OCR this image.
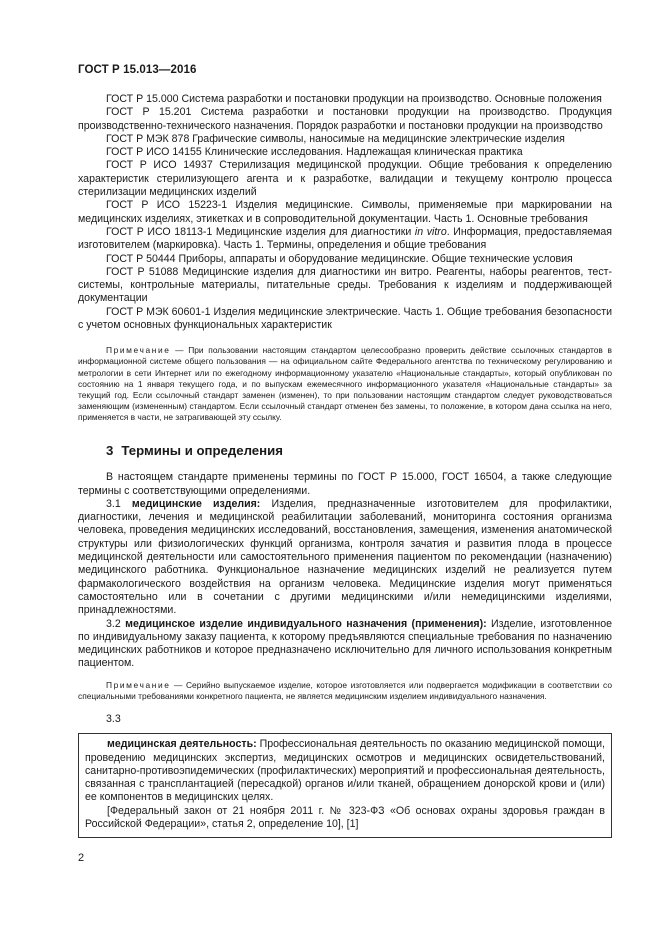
ГОСТ Р 15.013—2016

ГОСТ Р 15.000 Система разработки и постановки продукции на производство. Основные положения

ГОСТ Р 15.201 Система разработки и постановки продукции на производство. Продукция производственно-технического назначения. Порядок разработки и постановки продукции на производство

ГОСТ Р МЭК 878 Графические символы, наносимые на медицинские электрические изделия

ГОСТ Р ИСО 14155 Клинические исследования. Надлежащая клиническая практика

ГОСТ Р ИСО 14937 Стерилизация медицинской продукции. Общие требования к определению характеристик стерилизующего агента и к разработке, валидации и текущему контролю процесса стерилизации медицинских изделий

ГОСТ Р ИСО 15223-1 Изделия медицинские. Символы, применяемые при маркировании на медицинских изделиях, этикетках и в сопроводительной документации. Часть 1. Основные требования

ГОСТ Р ИСО 18113-1 Медицинские изделия для диагностики in vitro. Информация, предоставляемая изготовителем (маркировка). Часть 1. Термины, определения и общие требования

ГОСТ Р 50444 Приборы, аппараты и оборудование медицинские. Общие технические условия

ГОСТ Р 51088 Медицинские изделия для диагностики ин витро. Реагенты, наборы реагентов, тест-системы, контрольные материалы, питательные среды. Требования к изделиям и поддерживающей документации

ГОСТ Р МЭК 60601-1 Изделия медицинские электрические. Часть 1. Общие требования безопасности с учетом основных функциональных характеристик

Примечание — При пользовании настоящим стандартом целесообразно проверить действие ссылочных стандартов в информационной системе общего пользования — на официальном сайте Федерального агентства по техническому регулированию и метрологии в сети Интернет или по ежегодному информационному указателю «Национальные стандарты», который опубликован по состоянию на 1 января текущего года, и по выпускам ежемесячного информационного указателя «Национальные стандарты» за текущий год. Если ссылочный стандарт заменен (изменен), то при пользовании настоящим стандартом следует руководствоваться заменяющим (измененным) стандартом. Если ссылочный стандарт отменен без замены, то положение, в котором дана ссылка на него, применяется в части, не затрагивающей эту ссылку.

3 Термины и определения

В настоящем стандарте применены термины по ГОСТ Р 15.000, ГОСТ 16504, а также следующие термины с соответствующими определениями.

3.1 медицинские изделия: Изделия, предназначенные изготовителем для профилактики, диагностики, лечения и медицинской реабилитации заболеваний, мониторинга состояния организма человека, проведения медицинских исследований, восстановления, замещения, изменения анатомической структуры или физиологических функций организма, контроля зачатия и развития плода в процессе медицинской деятельности или самостоятельного применения пациентом по рекомендации (назначению) медицинского работника. Функциональное назначение медицинских изделий не реализуется путем фармакологического воздействия на организм человека. Медицинские изделия могут применяться самостоятельно или в сочетании с другими медицинскими и/или немедицинскими изделиями, принадлежностями.

3.2 медицинское изделие индивидуального назначения (применения): Изделие, изготовленное по индивидуальному заказу пациента, к которому предъявляются специальные требования по назначению медицинских работников и которое предназначено исключительно для личного использования конкретным пациентом.

Примечание — Серийно выпускаемое изделие, которое изготовляется или подвергается модификации в соответствии со специальными требованиями конкретного пациента, не является медицинским изделием индивидуального назначения.

3.3

медицинская деятельность: Профессиональная деятельность по оказанию медицинской помощи, проведению медицинских экспертиз, медицинских осмотров и медицинских освидетельствований, санитарно-противоэпидемических (профилактических) мероприятий и профессиональная деятельность, связанная с трансплантацией (пересадкой) органов и/или тканей, обращением донорской крови и (или) ее компонентов в медицинских целях.

[Федеральный закон от 21 ноября 2011 г. № 323-ФЗ «Об основах охраны здоровья граждан в Российской Федерации», статья 2, определение 10], [1]

2
